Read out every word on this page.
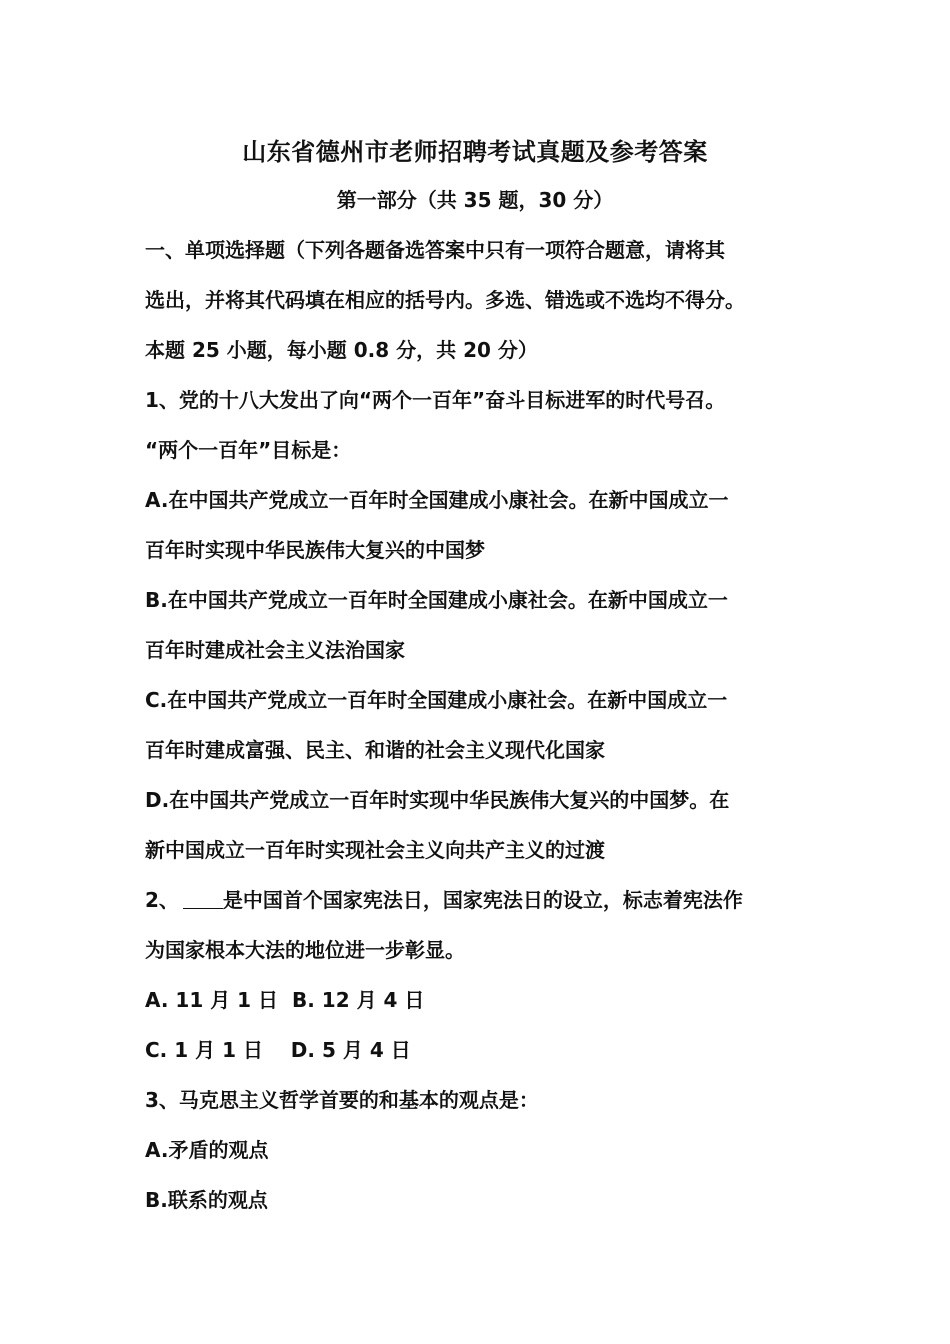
山东省德州市老师招聘考试真题及参考答案
第一部分（共 35 题，30 分）
一、单项选择题（下列各题备选答案中只有一项符合题意，请将其
选出，并将其代码填在相应的括号内。多选、错选或不选均不得分。
本题 25 小题，每小题 0.8 分，共 20 分）
1、党的十八大发出了向“两个一百年”奋斗目标进军的时代号召。
“两个一百年”目标是：
A.在中国共产党成立一百年时全国建成小康社会。在新中国成立一
百年时实现中华民族伟大复兴的中国梦
B.在中国共产党成立一百年时全国建成小康社会。在新中国成立一
百年时建成社会主义法治国家
C.在中国共产党成立一百年时全国建成小康社会。在新中国成立一
百年时建成富强、民主、和谐的社会主义现代化国家
D.在中国共产党成立一百年时实现中华民族伟大复兴的中国梦。在
新中国成立一百年时实现社会主义向共产主义的过渡
2、 是中国首个国家宪法日，国家宪法日的设立，标志着宪法作
为国家根本大法的地位进一步彰显。
A. 11 月 1 日  B. 12 月 4 日
C. 1 月 1 日    D. 5 月 4 日
3、马克思主义哲学首要的和基本的观点是：
A.矛盾的观点
B.联系的观点
